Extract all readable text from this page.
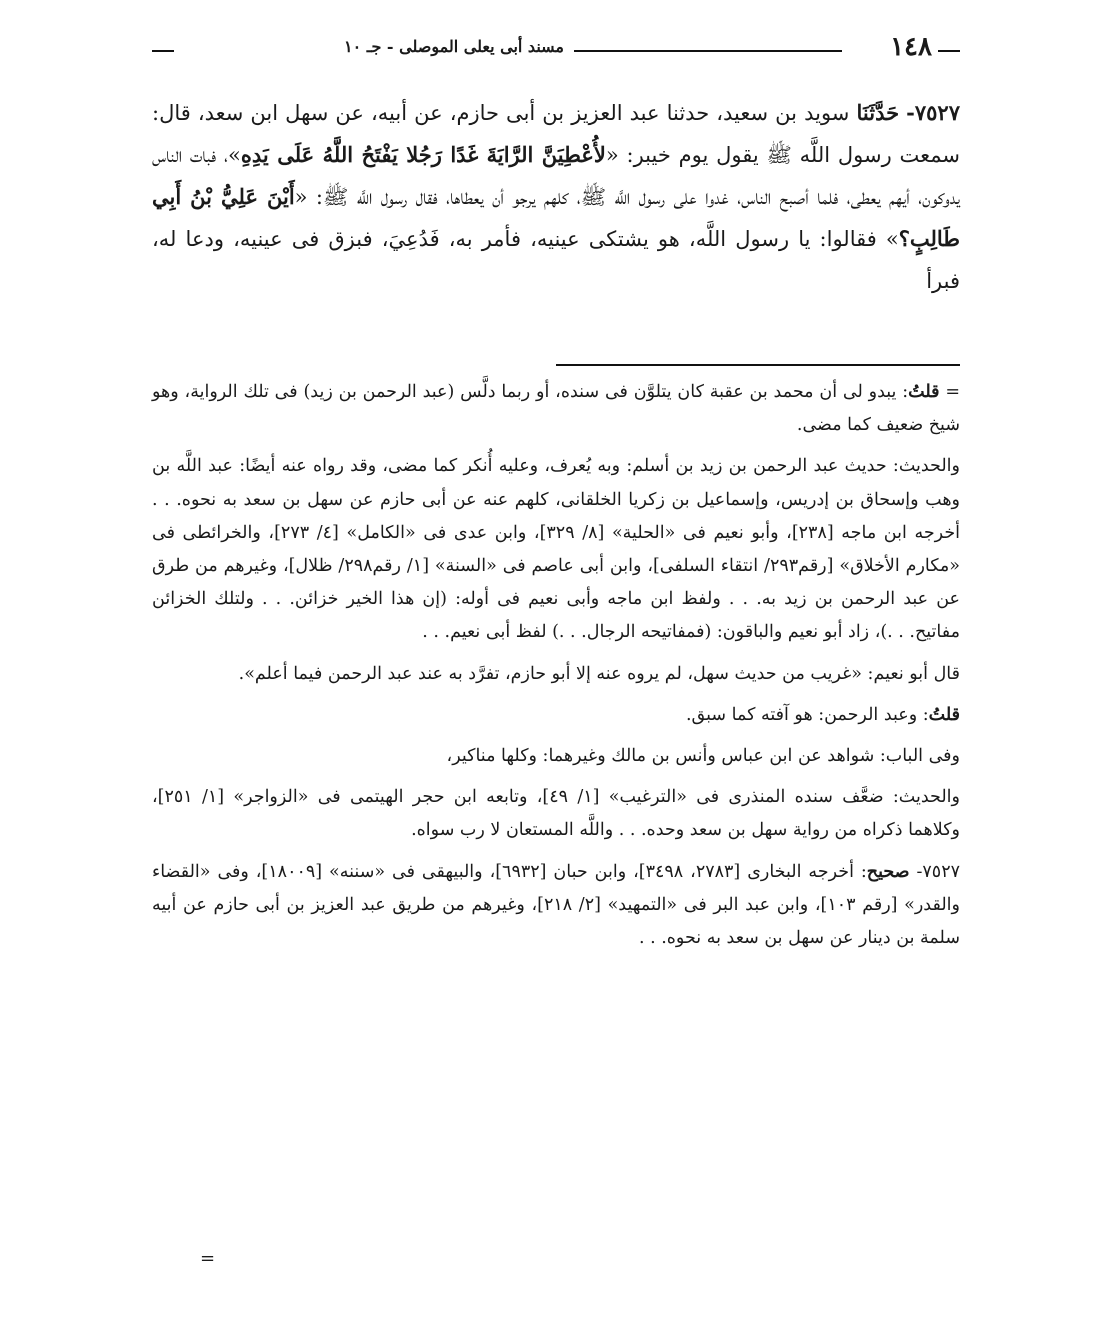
١٤٨
مسند أبى يعلى الموصلى - جـ ١٠

٧٥٢٧- حَدَّثَنَا سويد بن سعيد، حدثنا عبد العزيز بن أبى حازم، عن أبيه، عن سهل ابن سعد، قال: سمعت رسول اللَّه ﷺ يقول يوم خيبر: «لأُعْطِيَنَّ الرَّايَةَ غَدًا رَجُلا يَفْتَحُ اللَّهُ عَلَى يَدِهِ»، فبات الناس يدوكون، أيهم يعطى، فلما أصبح الناس، غدوا على رسول اللَّه ﷺ، كلهم يرجو أن يعطاها، فقال رسول اللَّه ﷺ: «أَيْنَ عَلِيُّ بْنُ أَبِي طَالِبٍ؟» فقالوا: يا رسول اللَّه، هو يشتكى عينيه، فأمر به، فَدُعِيَ، فبزق فى عينيه، ودعا له، فبرأ

= قلتُ: يبدو لى أن محمد بن عقبة كان يتلوَّن فى سنده، أو ربما دلَّس (عبد الرحمن بن زيد) فى تلك الرواية، وهو شيخ ضعيف كما مضى.

والحديث: حديث عبد الرحمن بن زيد بن أسلم: وبه يُعرف، وعليه أُنكر كما مضى، وقد رواه عنه أيضًا: عبد اللَّه بن وهب وإسحاق بن إدريس، وإسماعيل بن زكريا الخلقانى، كلهم عنه عن أبى حازم عن سهل بن سعد به نحوه. . . أخرجه ابن ماجه [٢٣٨]، وأبو نعيم فى «الحلية» [٨/ ٣٢٩]، وابن عدى فى «الكامل» [٤/ ٢٧٣]، والخرائطى فى «مكارم الأخلاق» [رقم٢٩٣/ انتقاء السلفى]، وابن أبى عاصم فى «السنة» [١/ رقم٢٩٨/ ظلال]، وغيرهم من طرق عن عبد الرحمن بن زيد به. . . ولفظ ابن ماجه وأبى نعيم فى أوله: (إن هذا الخير خزائن. . . ولتلك الخزائن مفاتيح. . .)، زاد أبو نعيم والباقون: (فمفاتيحه الرجال. . .) لفظ أبى نعيم. . .

قال أبو نعيم: «غريب من حديث سهل، لم يروه عنه إلا أبو حازم، تفرَّد به عند عبد الرحمن فيما أعلم».

قلتُ: وعبد الرحمن: هو آفته كما سبق.

وفى الباب: شواهد عن ابن عباس وأنس بن مالك وغيرهما: وكلها مناكير،

والحديث: ضعَّف سنده المنذرى فى «الترغيب» [١/ ٤٩]، وتابعه ابن حجر الهيتمى فى «الزواجر» [١/ ٢٥١]، وكلاهما ذكراه من رواية سهل بن سعد وحده. . . واللَّه المستعان لا رب سواه.

٧٥٢٧- صحيح: أخرجه البخارى [٢٧٨٣، ٣٤٩٨]، وابن حبان [٦٩٣٢]، والبيهقى فى «سننه» [١٨٠٠٩]، وفى «القضاء والقدر» [رقم ١٠٣]، وابن عبد البر فى «التمهيد» [٢/ ٢١٨]، وغيرهم من طريق عبد العزيز بن أبى حازم عن أبيه سلمة بن دينار عن سهل بن سعد به نحوه. . .

=
